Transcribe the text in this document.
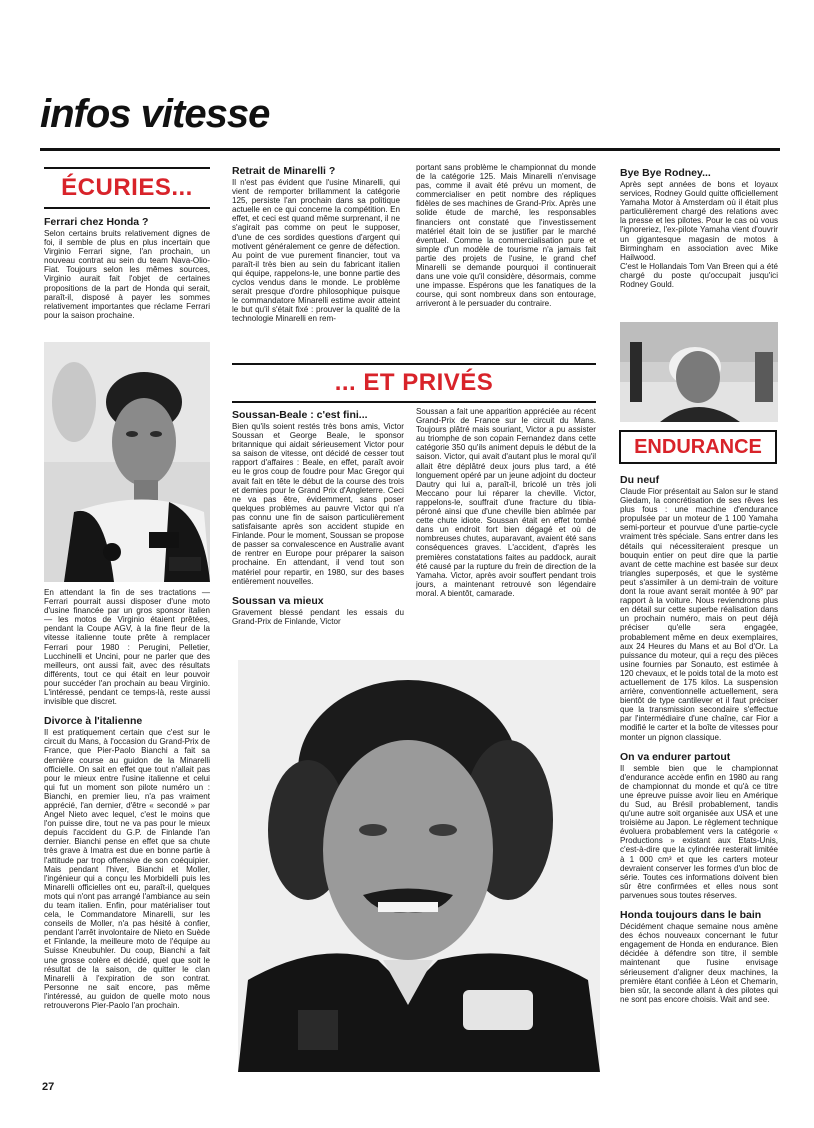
infos vitesse
ÉCURIES...
Ferrari chez Honda ?

Selon certains bruits relativement dignes de foi, il semble de plus en plus incertain que Virginio Ferrari signe, l'an prochain, un nouveau contrat au sein du team Nava-Olio-Fiat. Toujours selon les mêmes sources, Virginio aurait fait l'objet de certaines propositions de la part de Honda qui serait, paraît-il, disposé à payer les sommes relativement importantes que réclame Ferrari pour la saison prochaine.

En attendant la fin de ses tractations — Ferrari pourrait aussi disposer d'une moto d'usine financée par un gros sponsor italien — les motos de Virginio étaient prêtées, pendant la Coupe AGV, à la fine fleur de la vitesse italienne toute prête à remplacer Ferrari pour 1980 : Perugini, Pelletier, Lucchinelli et Uncini, pour ne parler que des meilleurs, ont aussi fait, avec des résultats différents, tout ce qui était en leur pouvoir pour succéder l'an prochain au beau Virginio. L'intéressé, pendant ce temps-là, reste aussi invisible que discret.

Divorce à l'italienne

Il est pratiquement certain que c'est sur le circuit du Mans, à l'occasion du Grand-Prix de France, que Pier-Paolo Bianchi a fait sa dernière course au guidon de la Minarelli officielle. On sait en effet que tout n'allait pas pour le mieux entre l'usine italienne et celui qui fut un moment son pilote numéro un : Bianchi, en premier lieu, n'a pas vraiment apprécié, l'an dernier, d'être « secondé » par Angel Nieto avec lequel, c'est le moins que l'on puisse dire, tout ne va pas pour le mieux depuis l'accident du G.P. de Finlande l'an dernier. Bianchi pense en effet que sa chute très grave à Imatra est due en bonne partie à l'attitude par trop offensive de son coéquipier. Mais pendant l'hiver, Bianchi et Moller, l'ingénieur qui a conçu les Morbidelli puis les Minarelli officielles ont eu, paraît-il, quelques mots qui n'ont pas arrangé l'ambiance au sein du team italien. Enfin, pour matérialiser tout cela, le Commandatore Minarelli, sur les conseils de Moller, n'a pas hésité à confier, pendant l'arrêt involontaire de Nieto en Suède et Finlande, la meilleure moto de l'équipe au Suisse Kneubuhler. Du coup, Bianchi a fait une grosse colère et décidé, quel que soit le résultat de la saison, de quitter le clan Minarelli à l'expiration de son contrat. Personne ne sait encore, pas même l'intéressé, au guidon de quelle moto nous retrouverons Pier-Paolo l'an prochain.

Retrait de Minarelli ?

Il n'est pas évident que l'usine Minarelli, qui vient de remporter brillamment la catégorie 125, persiste l'an prochain dans sa politique actuelle en ce qui concerne la compétition. En effet, et ceci est quand même surprenant, il ne s'agirait pas comme on peut le supposer, d'une de ces sordides questions d'argent qui motivent généralement ce genre de défection. Au point de vue purement financier, tout va paraît-il très bien au sein du fabricant italien qui équipe, rappelons-le, une bonne partie des cyclos vendus dans le monde. Le problème serait presque d'ordre philosophique puisque le commandatore Minarelli estime avoir atteint le but qu'il s'était fixé : prouver la qualité de la technologie Minarelli en rem-

portant sans problème le championnat du monde de la catégorie 125. Mais Minarelli n'envisage pas, comme il avait été prévu un moment, de commercialiser en petit nombre des répliques fidèles de ses machines de Grand-Prix. Après une solide étude de marché, les responsables financiers ont constaté que l'investissement matériel était loin de se justifier par le marché éventuel. Comme la commercialisation pure et simple d'un modèle de tourisme n'a jamais fait partie des projets de l'usine, le grand chef Minarelli se demande pourquoi il continuerait dans une voie qu'il considère, désormais, comme une impasse. Espérons que les fanatiques de la course, qui sont nombreux dans son entourage, arriveront à le persuader du contraire.

... ET PRIVÉS
Soussan-Beale : c'est fini...

Bien qu'ils soient restés très bons amis, Victor Soussan et George Beale, le sponsor britannique qui aidait sérieusement Victor pour sa saison de vitesse, ont décidé de cesser tout rapport d'affaires : Beale, en effet, paraît avoir eu le gros coup de foudre pour Mac Gregor qui avait fait en tête le début de la course des trois et demies pour le Grand Prix d'Angleterre. Ceci ne va pas être, évidemment, sans poser quelques problèmes au pauvre Victor qui n'a pas connu une fin de saison particulièrement satisfaisante après son accident stupide en Finlande. Pour le moment, Soussan se propose de passer sa convalescence en Australie avant de rentrer en Europe pour préparer la saison prochaine. En attendant, il vend tout son matériel pour repartir, en 1980, sur des bases entièrement nouvelles.

Soussan va mieux

Gravement blessé pendant les essais du Grand-Prix de Finlande, Victor

Soussan a fait une apparition appréciée au récent Grand-Prix de France sur le circuit du Mans. Toujours plâtré mais souriant, Victor a pu assister au triomphe de son copain Fernandez dans cette catégorie 350 qu'ils animent depuis le début de la saison. Victor, qui avait d'autant plus le moral qu'il allait être déplâtré deux jours plus tard, a été longuement opéré par un jeune adjoint du docteur Dautry qui lui a, paraît-il, bricolé un très joli Meccano pour lui réparer la cheville. Victor, rappelons-le, souffrait d'une fracture du tibia-péroné ainsi que d'une cheville bien abîmée par cette chute idiote. Soussan était en effet tombé dans un endroit fort bien dégagé et où de nombreuses chutes, auparavant, avaient été sans conséquences graves. L'accident, d'après les premières constatations faites au paddock, aurait été causé par la rupture du frein de direction de la Yamaha. Victor, après avoir souffert pendant trois jours, a maintenant retrouvé son légendaire moral. A bientôt, camarade.

Bye Bye Rodney...

Après sept années de bons et loyaux services, Rodney Gould quitte officiellement Yamaha Motor à Amsterdam où il était plus particulièrement chargé des relations avec la presse et les pilotes. Pour le cas où vous l'ignoreriez, l'ex-pilote Yamaha vient d'ouvrir un gigantesque magasin de motos à Birmingham en association avec Mike Hailwood.

C'est le Hollandais Tom Van Breen qui a été chargé du poste qu'occupait jusqu'ici Rodney Gould.

ENDURANCE
Du neuf

Claude Fior présentait au Salon sur le stand Giedam, la concrétisation de ses rêves les plus fous : une machine d'endurance propulsée par un moteur de 1 100 Yamaha semi-porteur et pourvue d'une partie-cycle vraiment très spéciale. Sans entrer dans les détails qui nécessiteraient presque un bouquin entier on peut dire que la partie avant de cette machine est basée sur deux triangles superposés, et que le système peut s'assimiler à un demi-train de voiture dont la roue avant serait montée à 90° par rapport à la voiture. Nous reviendrons plus en détail sur cette superbe réalisation dans un prochain numéro, mais on peut déjà préciser qu'elle sera engagée, probablement même en deux exemplaires, aux 24 Heures du Mans et au Bol d'Or. La puissance du moteur, qui a reçu des pièces usine fournies par Sonauto, est estimée à 120 chevaux, et le poids total de la moto est actuellement de 175 kilos. La suspension arrière, conventionnelle actuellement, sera bientôt de type cantilever et il faut préciser que la transmission secondaire s'effectue par l'intermédiaire d'une chaîne, car Fior a modifié le carter et la boîte de vitesses pour monter un pignon classique.

On va endurer partout

Il semble bien que le championnat d'endurance accède enfin en 1980 au rang de championnat du monde et qu'à ce titre une épreuve puisse avoir lieu en Amérique du Sud, au Brésil probablement, tandis qu'une autre soit organisée aux USA et une troisième au Japon. Le règlement technique évoluera probablement vers la catégorie « Productions » existant aux Etats-Unis, c'est-à-dire que la cylindrée resterait limitée à 1 000 cm³ et que les carters moteur devraient conserver les formes d'un bloc de série. Toutes ces informations doivent bien sûr être confirmées et elles nous sont parvenues sous toutes réserves.

Honda toujours dans le bain

Décidément chaque semaine nous amène des échos nouveaux concernant le futur engagement de Honda en endurance. Bien décidée à défendre son titre, il semble maintenant que l'usine envisage sérieusement d'aligner deux machines, la première étant confiée à Léon et Chemarin, bien sûr, la seconde allant à des pilotes qui ne sont pas encore choisis. Wait and see.

27
